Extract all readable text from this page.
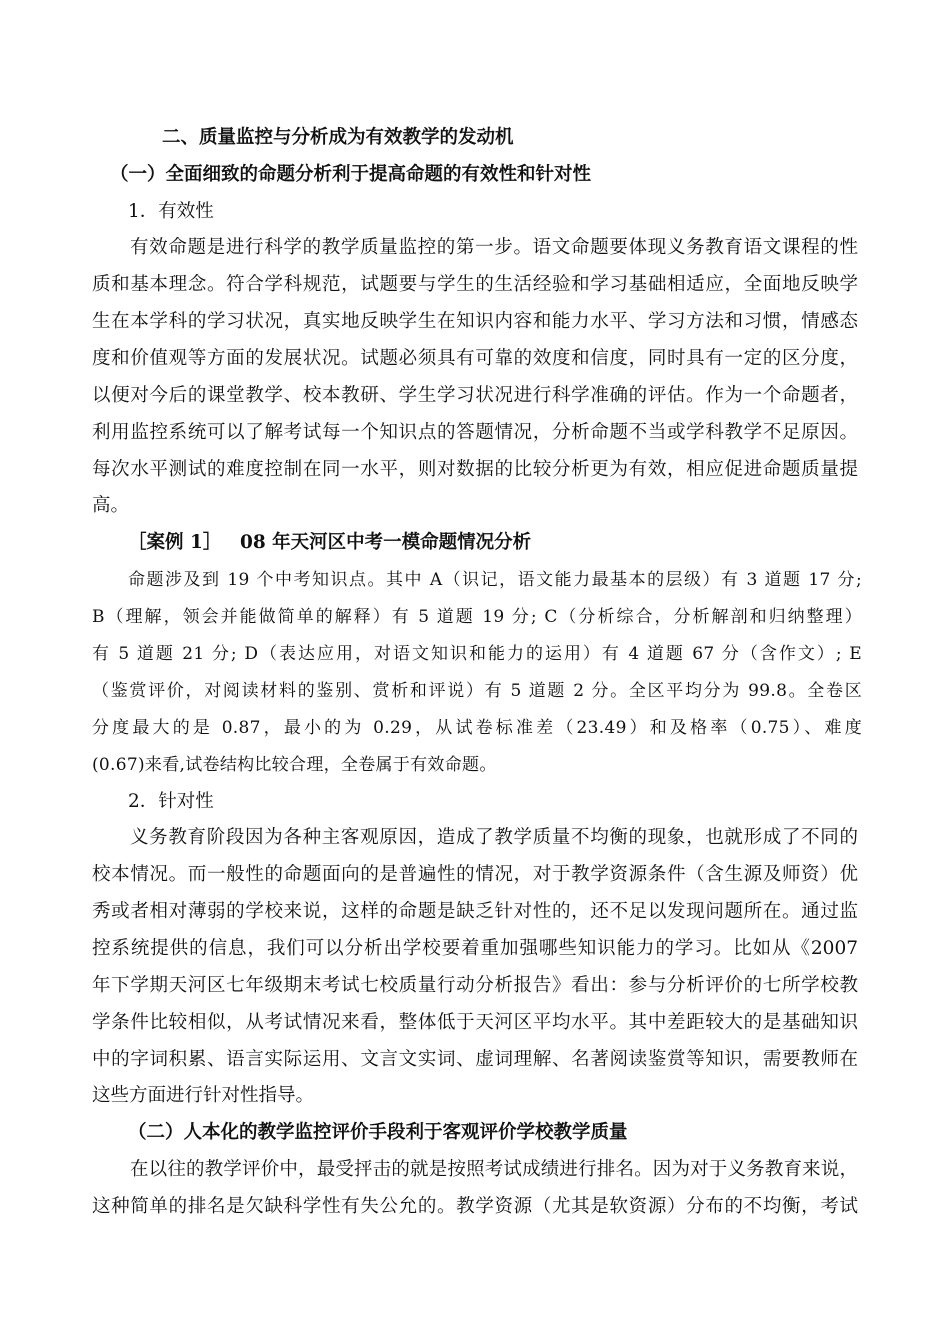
二、质量监控与分析成为有效教学的发动机
（一）全面细致的命题分析利于提高命题的有效性和针对性
1．有效性
有效命题是进行科学的教学质量监控的第一步。语文命题要体现义务教育语文课程的性
质和基本理念。符合学科规范，试题要与学生的生活经验和学习基础相适应，全面地反映学
生在本学科的学习状况，真实地反映学生在知识内容和能力水平、学习方法和习惯，情感态
度和价值观等方面的发展状况。试题必须具有可靠的效度和信度，同时具有一定的区分度，
以便对今后的课堂教学、校本教研、学生学习状况进行科学准确的评估。作为一个命题者，
利用监控系统可以了解考试每一个知识点的答题情况，分析命题不当或学科教学不足原因。
每次水平测试的难度控制在同一水平，则对数据的比较分析更为有效，相应促进命题质量提
高。
［案例 1］ 08 年天河区中考一模命题情况分析
命题涉及到 19 个中考知识点。其中 A（识记，语文能力最基本的层级）有 3 道题 17 分;
B（理解，领会并能做简单的解释）有 5 道题 19 分; C（分析综合，分析解剖和归纳整理）
有 5 道题 21 分; D（表达应用，对语文知识和能力的运用）有 4 道题 67 分（含作文）; E
（鉴赏评价，对阅读材料的鉴别、赏析和评说）有 5 道题 2 分。全区平均分为 99.8。全卷区
分度最大的是 0.87，最小的为 0.29，从试卷标准差（23.49）和及格率（0.75）、难度
(0.67)来看,试卷结构比较合理，全卷属于有效命题。
2．针对性
义务教育阶段因为各种主客观原因，造成了教学质量不均衡的现象，也就形成了不同的
校本情况。而一般性的命题面向的是普遍性的情况，对于教学资源条件（含生源及师资）优
秀或者相对薄弱的学校来说，这样的命题是缺乏针对性的，还不足以发现问题所在。通过监
控系统提供的信息，我们可以分析出学校要着重加强哪些知识能力的学习。比如从《2007
年下学期天河区七年级期末考试七校质量行动分析报告》看出：参与分析评价的七所学校教
学条件比较相似，从考试情况来看，整体低于天河区平均水平。其中差距较大的是基础知识
中的字词积累、语言实际运用、文言文实词、虚词理解、名著阅读鉴赏等知识，需要教师在
这些方面进行针对性指导。
（二）人本化的教学监控评价手段利于客观评价学校教学质量
在以往的教学评价中，最受抨击的就是按照考试成绩进行排名。因为对于义务教育来说，
这种简单的排名是欠缺科学性有失公允的。教学资源（尤其是软资源）分布的不均衡，考试
